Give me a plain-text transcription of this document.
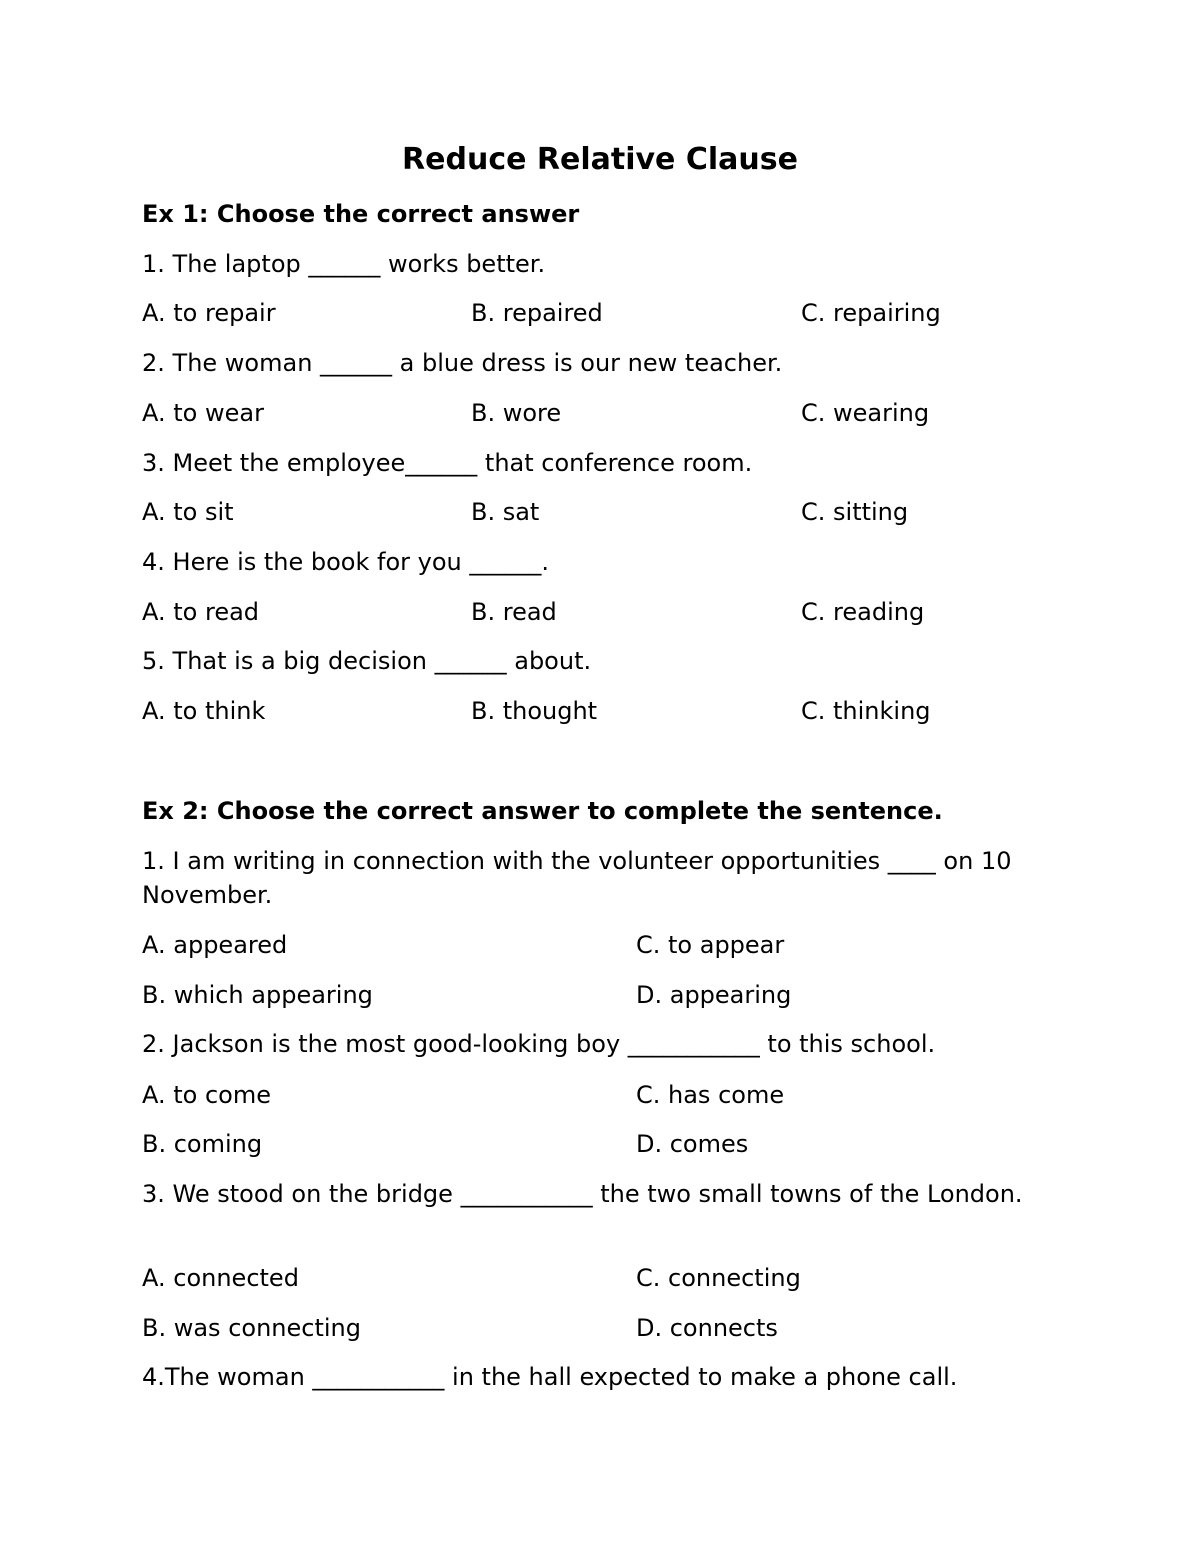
Reduce Relative Clause
Ex 1: Choose the correct answer
1. The laptop ______ works better.
A. to repair	B. repaired	C. repairing
2. The woman ______ a blue dress is our new teacher.
A. to wear	B. wore	C. wearing
3. Meet the employee______ that conference room.
A. to sit	B. sat	C. sitting
4. Here is the book for you ______.
A. to read	B. read	C. reading
5. That is a big decision ______ about.
A. to think	B. thought	C. thinking
Ex 2: Choose the correct answer to complete the sentence.
1. I am writing in connection with the volunteer opportunities ____ on 10 November.
A. appeared	C. to appear
B. which appearing	D. appearing
2. Jackson is the most good-looking boy ___________ to this school.
A. to come	C. has come
B. coming	D. comes
3. We stood on the bridge ___________ the two small towns of the London.
A. connected	C. connecting
B. was connecting	D. connects
4.The woman ___________ in the hall expected to make a phone call.
